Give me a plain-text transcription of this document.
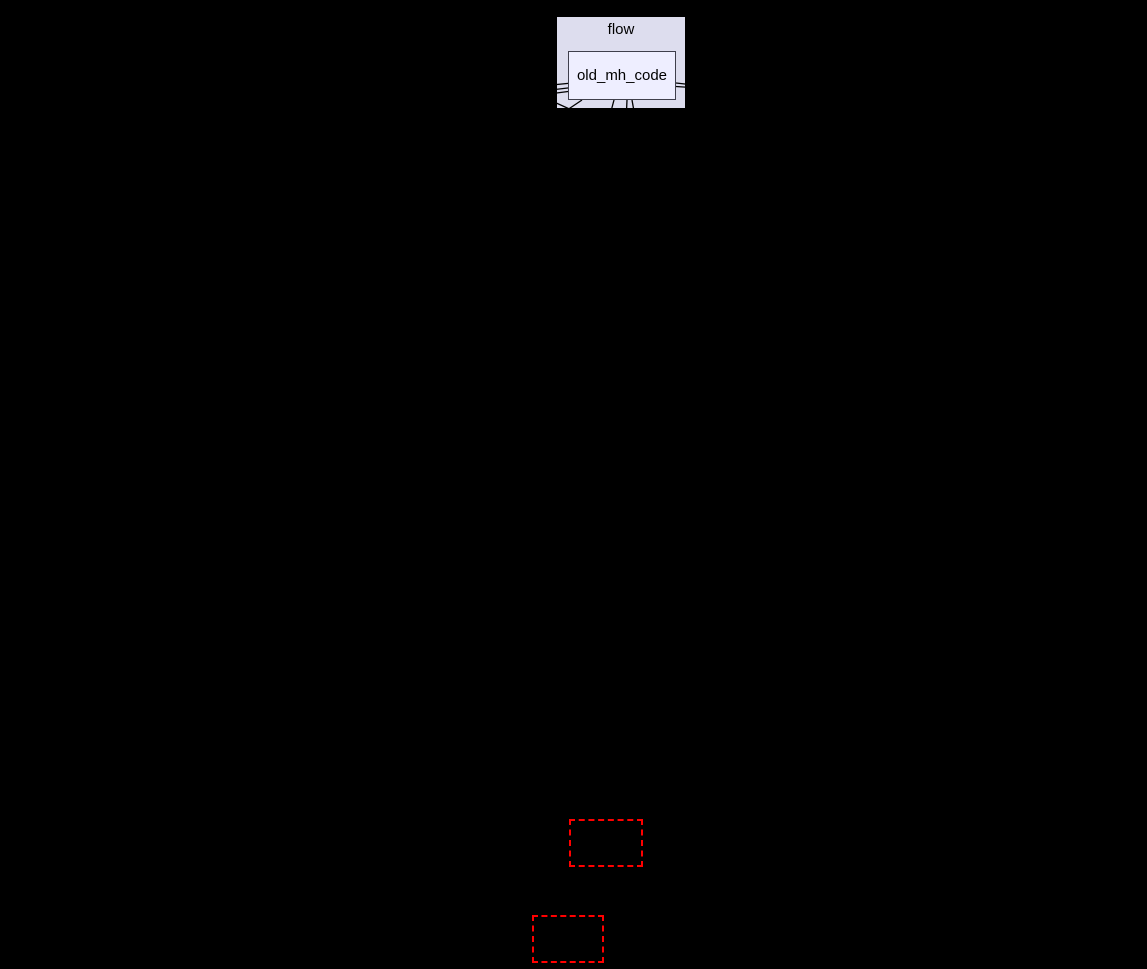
flow
old_mh_code
